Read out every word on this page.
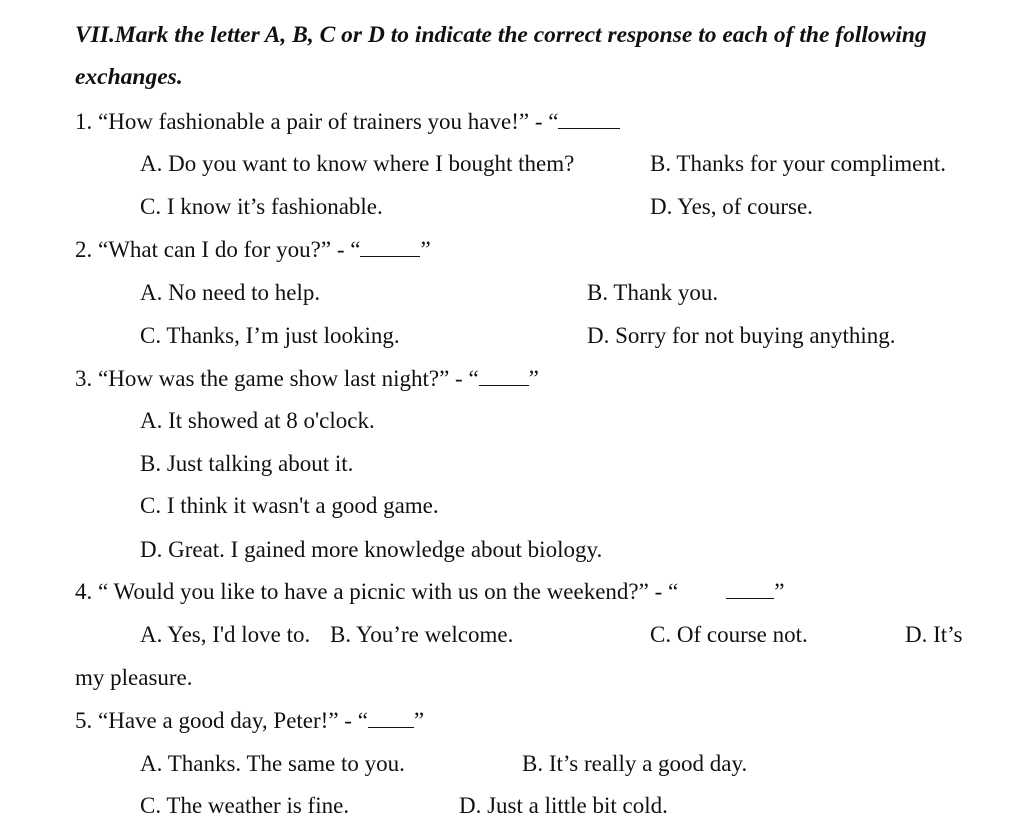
VII.Mark the letter A, B, C or D to indicate the correct response to each of the following
exchanges.
1. “How fashionable a pair of trainers you have!” - “
A. Do you want to know where I bought them?	B. Thanks for your compliment.
C. I know it’s fashionable.	D. Yes, of course.
2. “What can I do for you?” - “	”
A. No need to help.	B. Thank you.
C. Thanks, I’m just looking.	D. Sorry for not buying anything.
3. “How was the game show last night?” - “ ”
A. It showed at 8 o'clock.
B. Just talking about it.
C. I think it wasn't a good game.
D. Great. I gained more knowledge about biology.
4. “ Would you like to have a picnic with us on the weekend?” - “	”
A. Yes, I'd love to. B. You’re welcome.	C. Of course not.	D. It’s
my pleasure.
5. “Have a good day, Peter!” - “ ”
A. Thanks. The same to you.	B. It’s really a good day.
C. The weather is fine.	D. Just a little bit cold.
